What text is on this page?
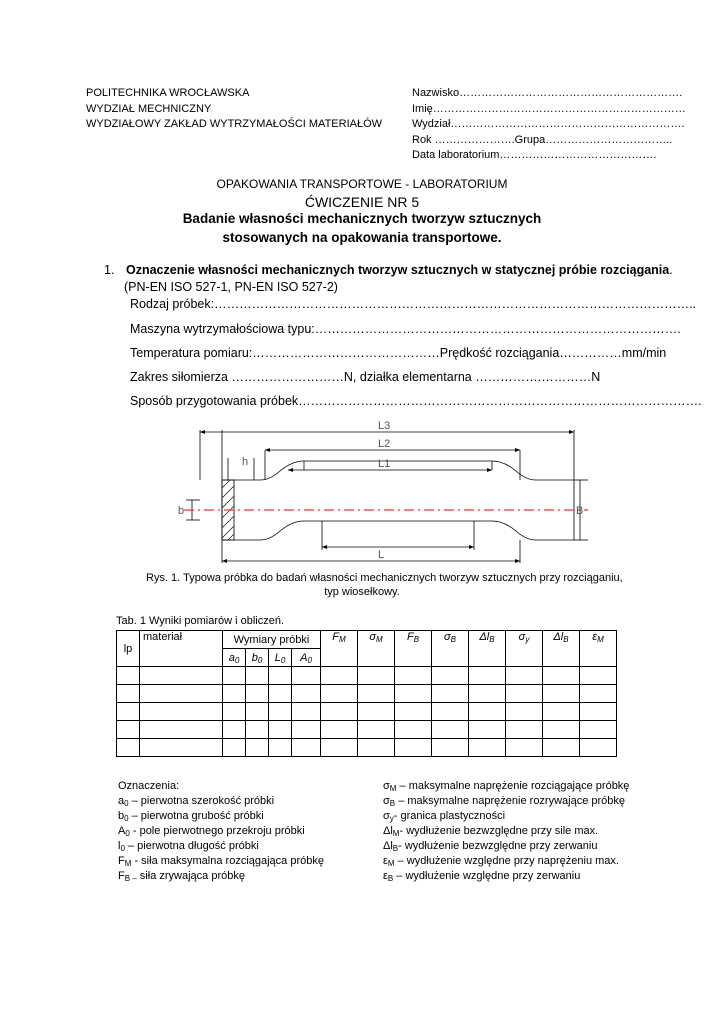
POLITECHNIKA WROCŁAWSKA
WYDZIAŁ MECHNICZNY
WYDZIAŁOWY ZAKŁAD WYTRZYMAŁOŚCI MATERIAŁÓW
Nazwisko…………………………………………………….
Imię……………………………………………………………
Wydział……………………………………………………….
Rok ………………….Grupa……………………………..
Data laboratorium…………………………………….
OPAKOWANIA TRANSPORTOWE - LABORATORIUM
ĆWICZENIE NR 5
Badanie własności mechanicznych tworzyw sztucznych
stosowanych na opakowania transportowe.
1. Oznaczenie własności mechanicznych tworzyw sztucznych w statycznej próbie rozciągania.
(PN-EN ISO 527-1, PN-EN ISO 527-2)
Rodzaj próbek:……………………………………………………………………………………………………..
Maszyna wytrzymałościowa typu:…………………………………………………………………………….
Temperatura pomiaru:………………………………………Prędkość rozciągania……………mm/min
Zakres siłomierza ………………………N, działka elementarna …………….…………N
Sposób przygotowania próbek…………………………………………………………………………………….
L3
L2
L1
L
h
b	B
Rys. 1. Typowa próbka do badań własności mechanicznych tworzyw sztucznych przy rozciąganiu,
typ wiosełkowy.
Tab. 1 Wyniki pomiarów i obliczeń.
lp	materiał	Wymiary próbki				$F_M$	$\sigma_M$	$F_B$	$\sigma_B$	$\Delta l_B$	$\sigma_y$	$\Delta l_B$	$\varepsilon_M$
		$a_0$	$b_0$	$L_0$	$A_0$

Oznaczenia:
$a_0$ – pierwotna szerokość próbki
$b_0$ – pierwotna grubość próbki
$A_0$ - pole pierwotnego przekroju próbki
$l_0$ – pierwotna długość próbki
$F_M$ - siła maksymalna rozciągająca próbkę
$F_{B -}$ siła zrywająca próbkę
$\sigma_M$ – maksymalne naprężenie rozciągające próbkę
$\sigma_B$ – maksymalne naprężenie rozrywające próbkę
$\sigma_y-$ granica plastyczności
$\Delta l_M-$ wydłużenie bezwzględne przy sile max.
$\Delta l_B-$ wydłużenie bezwzględne przy zerwaniu
$\varepsilon_M$ – wydłużenie względne przy naprężeniu max.
$\varepsilon_B$ – wydłużenie względne przy zerwaniu
